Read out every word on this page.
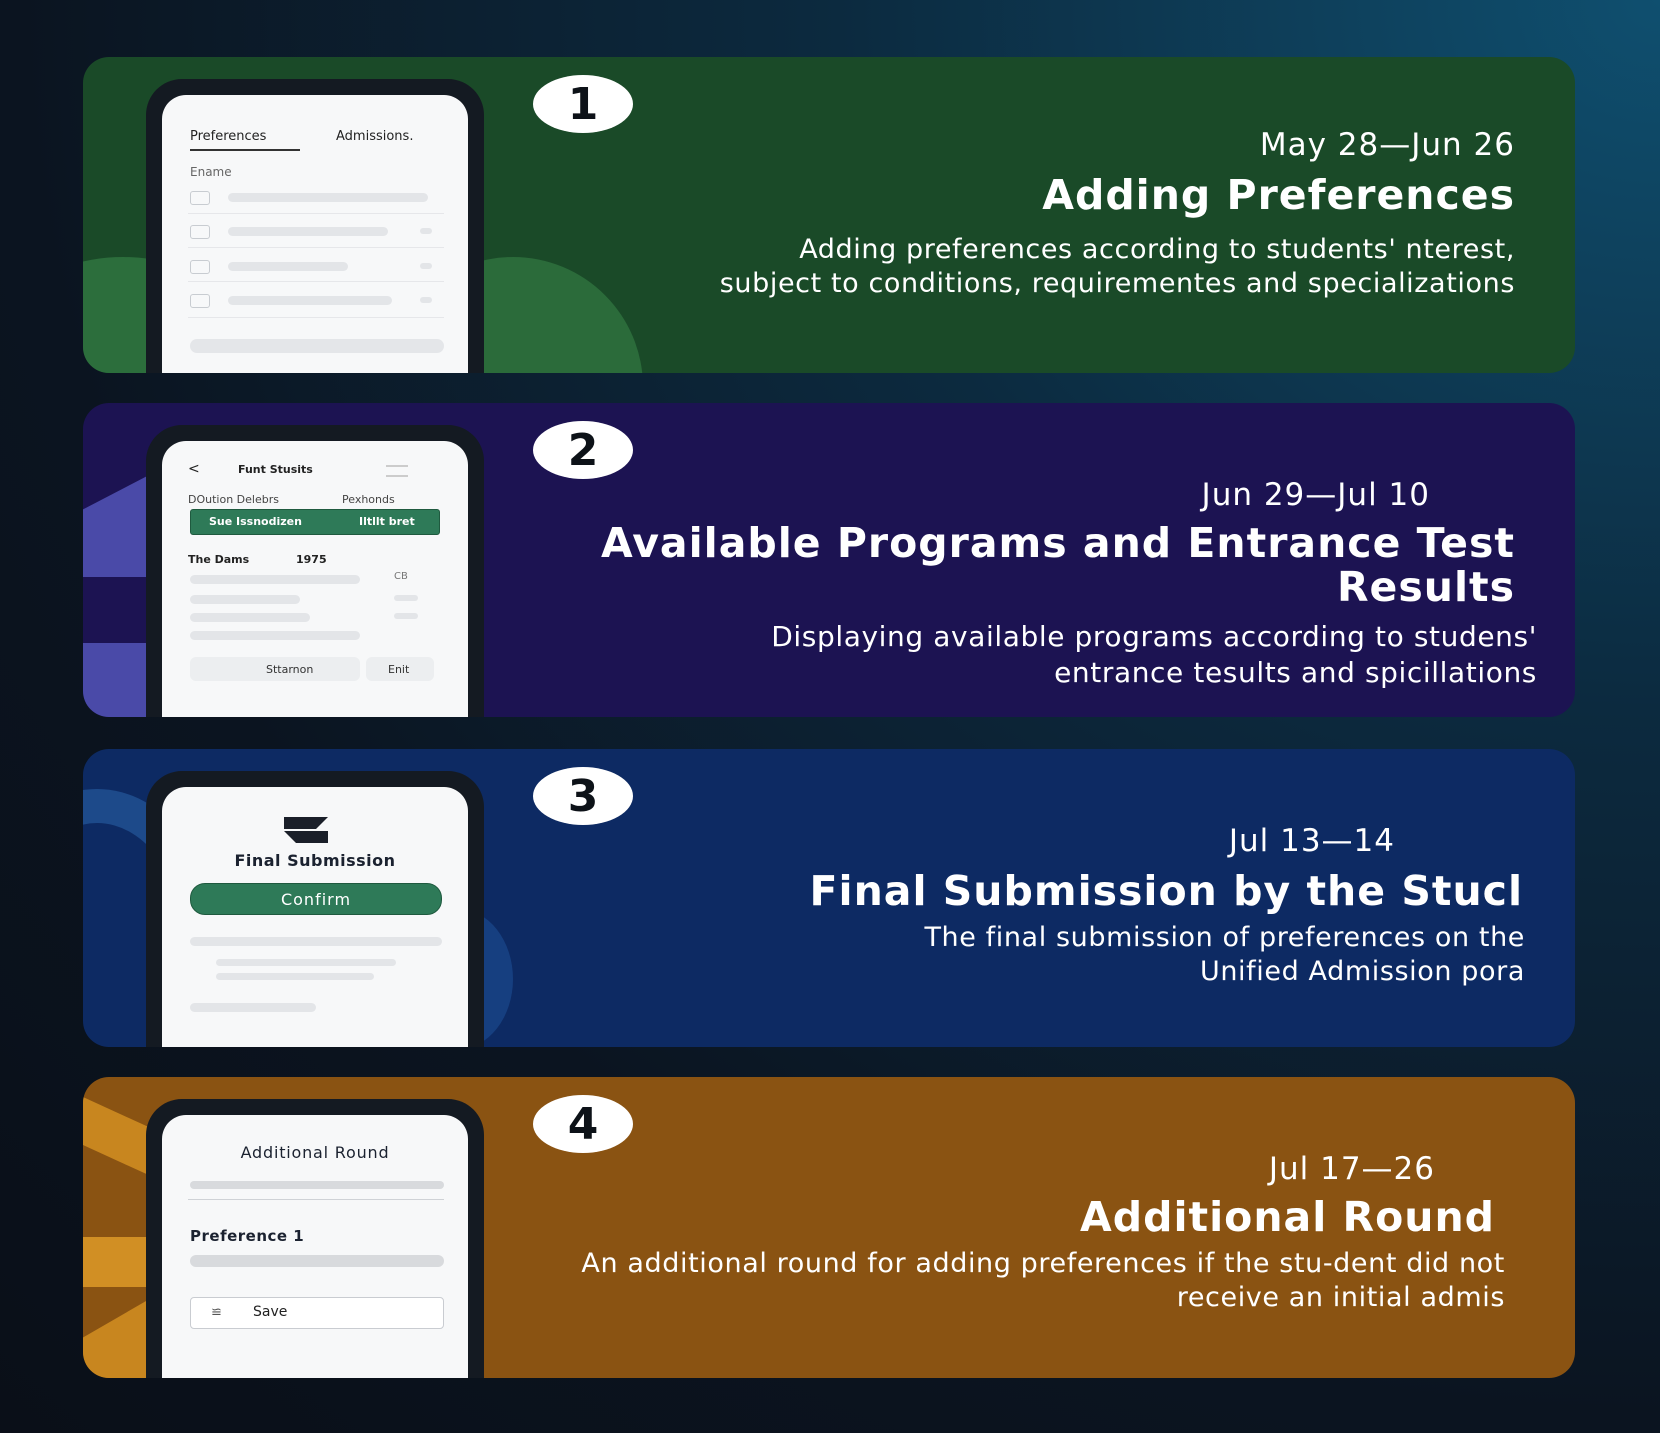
Preferences	Admissions.
Ename
1
May 28—Jun 26
Adding Preferences
Adding preferences according to students' nterest, subject to conditions, requirementes and specializations
<	Funt Stusits
DOution Delebrs	Pexhonds
Sue Issnodizen	Iltllt bret
The Dams	1975
CB
Sttarnon	Enit
2
Jun 29—Jul 10
Available Programs and Entrance Test Results
Displaying available programs according to studens' entrance tesults and spicillations
Final Submission
Confirm
3
Jul 13—14
Final Submission by the Stucl
The final submission of preferences on the Unified Admission pora
Additional Round
Preference 1
≌ Save
4
Jul 17—26
Additional Round
An additional round for adding preferences if the stu-dent did not receive an initial admis
